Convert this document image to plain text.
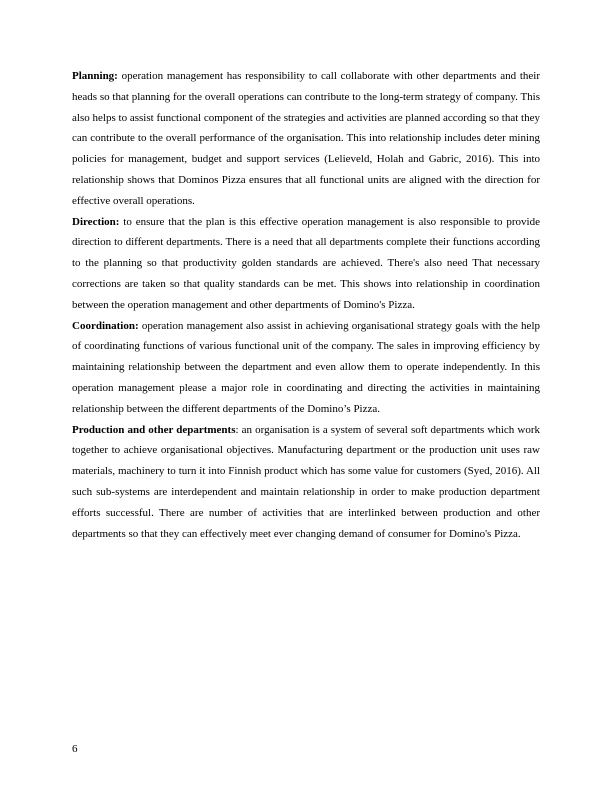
Planning: operation management has responsibility to call collaborate with other departments and their heads so that planning for the overall operations can contribute to the long-term strategy of company. This also helps to assist functional component of the strategies and activities are planned according so that they can contribute to the overall performance of the organisation. This into relationship includes deter mining policies for management, budget and support services (Lelieveld, Holah and Gabric, 2016). This into relationship shows that Dominos Pizza ensures that all functional units are aligned with the direction for effective overall operations.

Direction: to ensure that the plan is this effective operation management is also responsible to provide direction to different departments. There is a need that all departments complete their functions according to the planning so that productivity golden standards are achieved. There's also need That necessary corrections are taken so that quality standards can be met. This shows into relationship in coordination between the operation management and other departments of Domino's Pizza.

Coordination: operation management also assist in achieving organisational strategy goals with the help of coordinating functions of various functional unit of the company. The sales in improving efficiency by maintaining relationship between the department and even allow them to operate independently. In this operation management please a major role in coordinating and directing the activities in maintaining relationship between the different departments of the Domino’s Pizza.

Production and other departments: an organisation is a system of several soft departments which work together to achieve organisational objectives. Manufacturing department or the production unit uses raw materials, machinery to turn it into Finnish product which has some value for customers (Syed, 2016). All such sub-systems are interdependent and maintain relationship in order to make production department efforts successful. There are number of activities that are interlinked between production and other departments so that they can effectively meet ever changing demand of consumer for Domino's Pizza.

6
